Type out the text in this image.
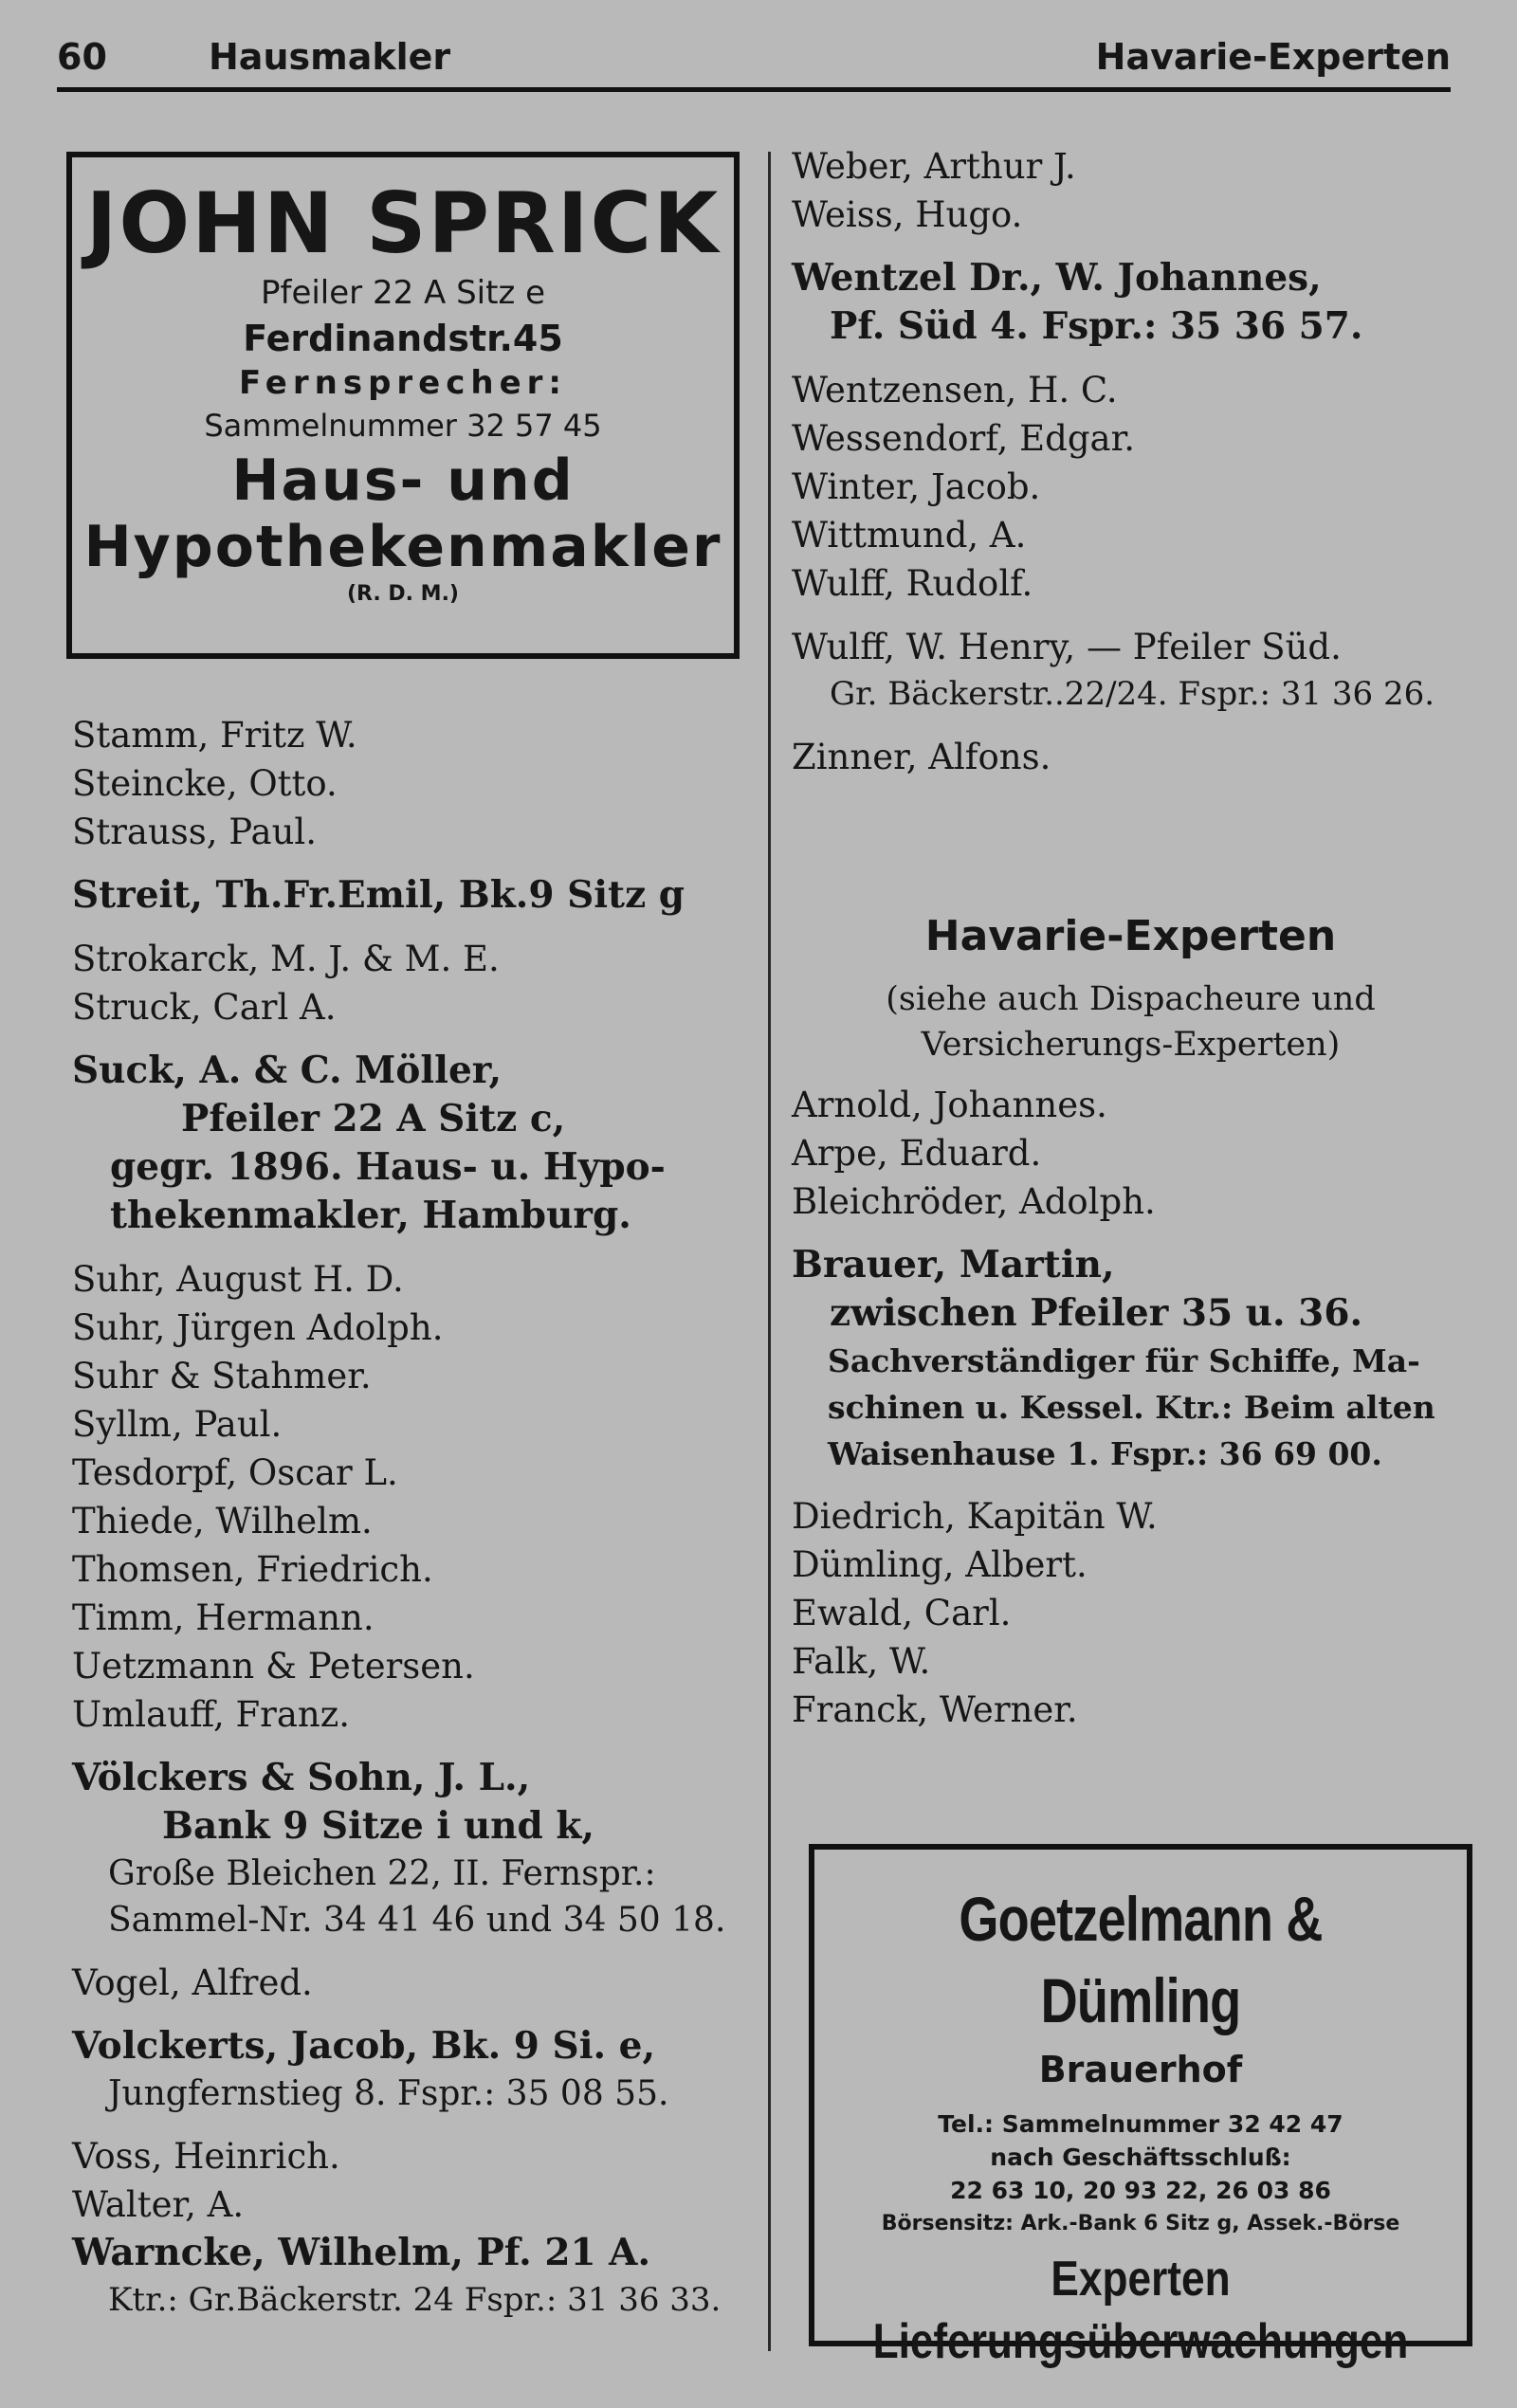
60	Hausmakler	Havarie-Experten
JOHN SPRICK
Pfeiler 22 A Sitz e
Ferdinandstr.45
Fernsprecher:
Sammelnummer 32 57 45
Haus- und
Hypothekenmakler
(R. D. M.)
Stamm, Fritz W.
Steincke, Otto.
Strauss, Paul.
Streit, Th.Fr.Emil, Bk.9 Sitz g
Strokarck, M. J. & M. E.
Struck, Carl A.
Suck, A. & C. Möller,
Pfeiler 22 A Sitz c,
gegr. 1896. Haus- u. Hypo-
thekenmakler, Hamburg.
Suhr, August H. D.
Suhr, Jürgen Adolph.
Suhr & Stahmer.
Syllm, Paul.
Tesdorpf, Oscar L.
Thiede, Wilhelm.
Thomsen, Friedrich.
Timm, Hermann.
Uetzmann & Petersen.
Umlauff, Franz.
Völckers & Sohn, J. L.,
Bank 9 Sitze i und k,
Große Bleichen 22, II. Fernspr.:
Sammel-Nr. 34 41 46 und 34 50 18.
Vogel, Alfred.
Volckerts, Jacob, Bk. 9 Si. e,
Jungfernstieg 8. Fspr.: 35 08 55.
Voss, Heinrich.
Walter, A.
Warncke, Wilhelm, Pf. 21 A.
Ktr.: Gr.Bäckerstr. 24 Fspr.: 31 36 33.
Weber, Arthur J.
Weiss, Hugo.
Wentzel Dr., W. Johannes,
Pf. Süd 4. Fspr.: 35 36 57.
Wentzensen, H. C.
Wessendorf, Edgar.
Winter, Jacob.
Wittmund, A.
Wulff, Rudolf.
Wulff, W. Henry, — Pfeiler Süd.
Gr. Bäckerstr..22/24. Fspr.: 31 36 26.
Zinner, Alfons.
Havarie-Experten
(siehe auch Dispacheure und
Versicherungs-Experten)
Arnold, Johannes.
Arpe, Eduard.
Bleichröder, Adolph.
Brauer, Martin,
zwischen Pfeiler 35 u. 36.
Sachverständiger für Schiffe, Ma-
schinen u. Kessel. Ktr.: Beim alten
Waisenhause 1. Fspr.: 36 69 00.
Diedrich, Kapitän W.
Dümling, Albert.
Ewald, Carl.
Falk, W.
Franck, Werner.
Goetzelmann & Dümling
Brauerhof
Tel.: Sammelnummer 32 42 47
nach Geschäftsschluß:
22 63 10, 20 93 22, 26 03 86
Börsensitz: Ark.-Bank 6 Sitz g, Assek.-Börse
Experten
Lieferungsüberwachungen
